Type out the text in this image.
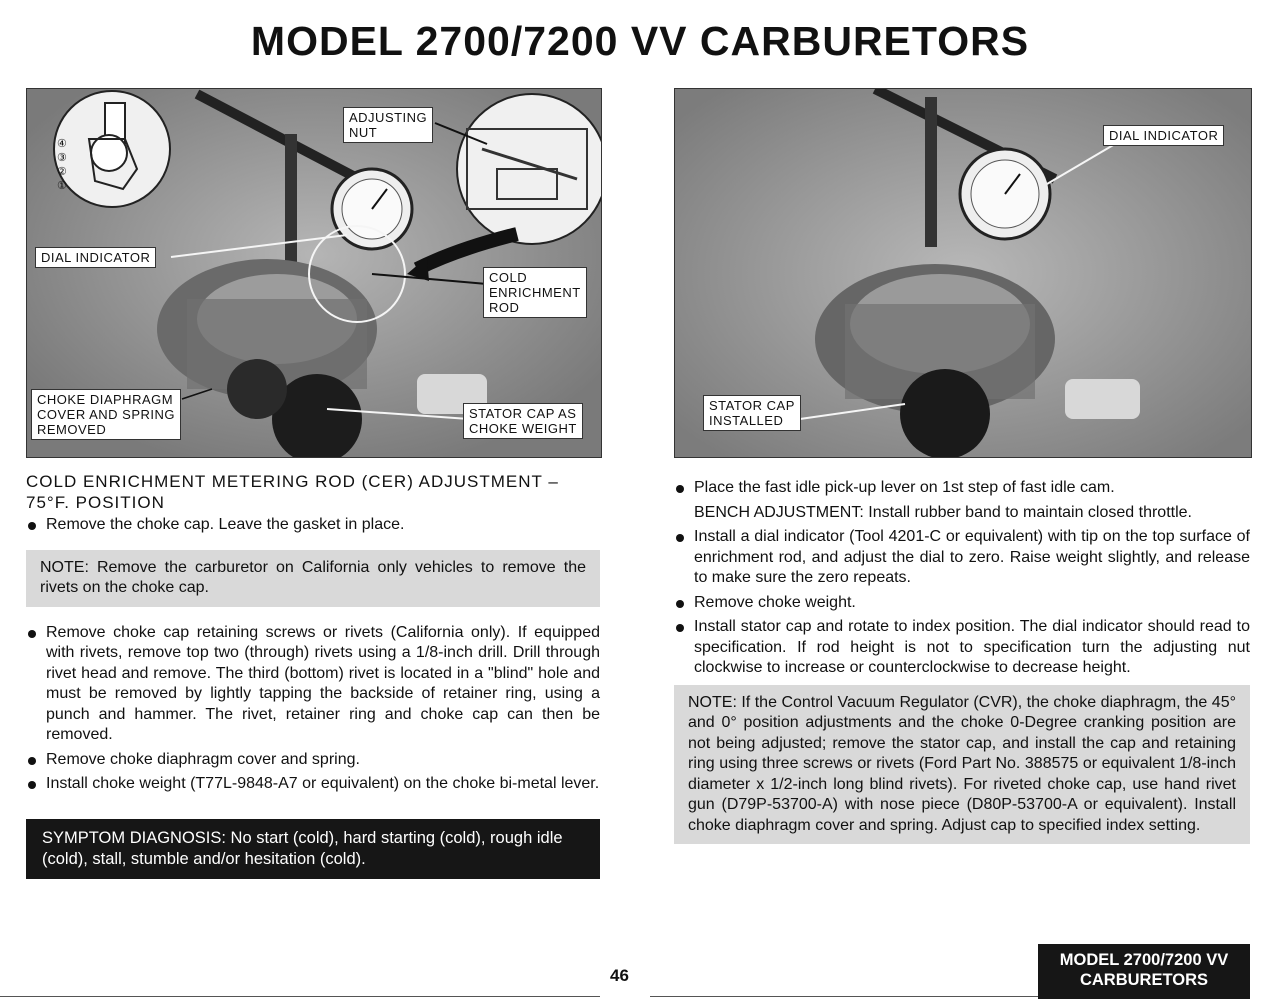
MODEL 2700/7200 VV CARBURETORS
④
③
②
①
ADJUSTING
NUT
DIAL INDICATOR
COLD
ENRICHMENT
ROD
CHOKE DIAPHRAGM
COVER AND SPRING
REMOVED
STATOR CAP AS
CHOKE WEIGHT
DIAL INDICATOR
STATOR CAP
INSTALLED
COLD ENRICHMENT METERING ROD (CER) ADJUSTMENT –
75°F. POSITION
Remove the choke cap. Leave the gasket in place.
NOTE: Remove the carburetor on California only vehicles to remove the rivets on the choke cap.
Remove choke cap retaining screws or rivets (California only). If equipped with rivets, remove top two (through) rivets using a 1/8-inch drill. Drill through rivet head and remove. The third (bottom) rivet is located in a "blind" hole and must be removed by lightly tapping the backside of retainer ring, using a punch and hammer. The rivet, retainer ring and choke cap can then be removed.
Remove choke diaphragm cover and spring.
Install choke weight (T77L-9848-A7 or equivalent) on the choke bi-metal lever.
SYMPTOM DIAGNOSIS: No start (cold), hard starting (cold), rough idle (cold), stall, stumble and/or hesitation (cold).
Place the fast idle pick-up lever on 1st step of fast idle cam.
BENCH ADJUSTMENT: Install rubber band to maintain closed throttle.
Install a dial indicator (Tool 4201-C or equivalent) with tip on the top surface of enrichment rod, and adjust the dial to zero. Raise weight slightly, and release to make sure the zero repeats.
Remove choke weight.
Install stator cap and rotate to index position. The dial indicator should read to specification. If rod height is not to specification turn the adjusting nut clockwise to increase or counterclockwise to decrease height.
NOTE: If the Control Vacuum Regulator (CVR), the choke diaphragm, the 45° and 0° position adjustments and the choke 0-Degree cranking position are not being adjusted; remove the stator cap, and install the cap and retaining ring using three screws or rivets (Ford Part No. 388575 or equivalent 1/8-inch diameter x 1/2-inch long blind rivets). For riveted choke cap, use hand rivet gun (D79P-53700-A) with nose piece (D80P-53700-A or equivalent). Install choke diaphragm cover and spring. Adjust cap to specified index setting.
46
MODEL 2700/7200 VV
CARBURETORS
